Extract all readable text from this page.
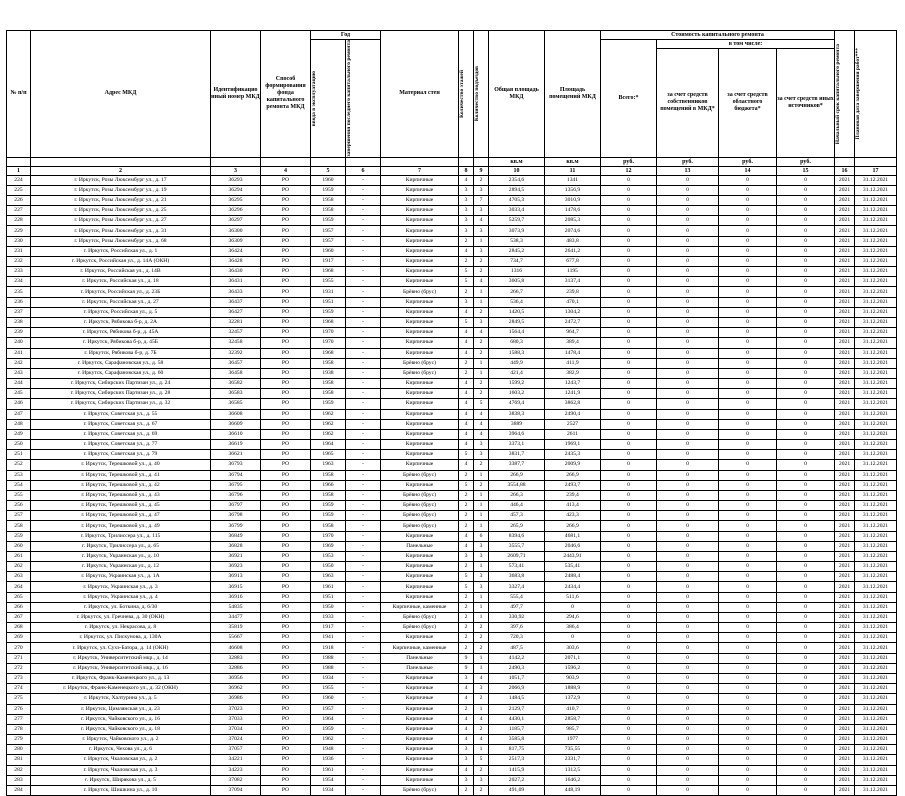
№ п/п	Адрес МКД	Идентификацио нный номер МКД	Способ формирования фонда капитального ремонта МКД	Год		Материал стен	Количество этажей	Количество подъездов	Общая площадь МКД	Площадь помещений МКД	Стоимость капитального ремонта				Начальный срок капитального ремонта	Плановая дата завершения работ***

				ввода в эксплуатацию	завершения последнего капитального ремонта						Всего:*	в том числе:				
												за счет средств собственников помещений в МКД*	за счет средств областного бюджета*	за счет средств иных источников*		

									кв.м	кв.м	руб.	руб.	руб.	руб.		
1	2	3	4	5	6	7	8	9	10	11	12	13	14	15	16	17
224	г. Иркутск, Розы Люксембург ул., д. 17	36293	РО	1960	-	Кирпичные	4	2	2354,6	1341	0	0	0	0	2021	31.12.2021
225	г. Иркутск, Розы Люксембург ул., д. 19	36294	РО	1959	-	Кирпичные	3	3	2894,5	1356,9	0	0	0	0	2021	31.12.2021
226	г. Иркутск, Розы Люксембург ул., д. 21	36295	РО	1958	-	Кирпичные	3	7	4705,3	3010,9	0	0	0	0	2021	31.12.2021
227	г. Иркутск, Розы Люксембург ул., д. 25	36296	РО	1958	-	Кирпичные	3	3	3033,4	1478,6	0	0	0	0	2021	31.12.2021
228	г. Иркутск, Розы Люксембург ул., д. 27	36297	РО	1959	-	Кирпичные	3	4	5259,7	2085,3	0	0	0	0	2021	31.12.2021
229	г. Иркутск, Розы Люксембург ул., д. 31	36300	РО	1957	-	Кирпичные	3	3	3073,9	2074,6	0	0	0	0	2021	31.12.2021
230	г. Иркутск, Розы Люксембург ул., д. 68	36309	РО	1957	-	Кирпичные	2	1	538,3	483,8	0	0	0	0	2021	31.12.2021
231	г. Иркутск, Российская ул., д. 1	36424	РО	1960	-	Кирпичные	4	3	2845,2	2641,2	0	0	0	0	2021	31.12.2021
232	г. Иркутск, Российская ул., д. 14А (ОКН)	36428	РО	1917	-	Кирпичные	2	2	734,7	677,8	0	0	0	0	2021	31.12.2021
233	г. Иркутск, Российская ул., д. 14В	36430	РО	1968	-	Кирпичные	5	2	1316	1195	0	0	0	0	2021	31.12.2021
234	г. Иркутск, Российская ул., д. 18	36431	РО	1955	-	Кирпичные	5	4	3605,8	3137,4	0	0	0	0	2021	31.12.2021
235	г. Иркутск, Российская ул., д. 23Б	36433	РО	1931	-	Брёвно (брус)	2	1	266,7	239,8	0	0	0	0	2021	31.12.2021
236	г. Иркутск, Российская ул., д. 27	36437	РО	1951	-	Кирпичные	3	1	536,4	470,1	0	0	0	0	2021	31.12.2021
237	г. Иркутск, Российская ул., д. 5	36427	РО	1959	-	Кирпичные	4	2	1420,5	1304,2	0	0	0	0	2021	31.12.2021
238	г. Иркутск, Рябикова б-р, д. 2А	32281	РО	1968	-	Кирпичные	5	3	2849,5	2472,7	0	0	0	0	2021	31.12.2021
239	г. Иркутск, Рябикова б-р, д. 45А	32457	РО	1970	-	Кирпичные	4	4	1564,4	964,7	0	0	0	0	2021	31.12.2021
240	г. Иркутск, Рябикова б-р, д. 45Б	32458	РО	1970	-	Кирпичные	4	2	680,3	389,4	0	0	0	0	2021	31.12.2021
241	г. Иркутск, Рябикова б-р, д. 7Б	32392	РО	1968	-	Кирпичные	4	2	1588,3	1478,4	0	0	0	0	2021	31.12.2021
242	г. Иркутск, Сарафановская ул., д. 58	36457	РО	1958	-	Брёвно (брус)	2	1	449,9	411,9	0	0	0	0	2021	31.12.2021
243	г. Иркутск, Сарафановская ул., д. 60	36458	РО	1938	-	Брёвно (брус)	2	1	421,4	382,9	0	0	0	0	2021	31.12.2021
244	г. Иркутск, Сибирских Партизан ул., д. 24	36582	РО	1958	-	Кирпичные	4	2	1599,2	1243,7	0	0	0	0	2021	31.12.2021
245	г. Иркутск, Сибирских Партизан ул., д. 28	36583	РО	1958	-	Кирпичные	4	2	1603,2	1241,9	0	0	0	0	2021	31.12.2021
246	г. Иркутск, Сибирских Партизан ул., д. 32	36585	РО	1959	-	Кирпичные	4	5	4769,4	3862,8	0	0	0	0	2021	31.12.2021
247	г. Иркутск, Советская ул., д. 55	36608	РО	1962	-	Кирпичные	4	4	3838,3	2490,4	0	0	0	0	2021	31.12.2021
248	г. Иркутск, Советская ул., д. 67	36609	РО	1962	-	Кирпичные	4	4	3889	2527	0	0	0	0	2021	31.12.2021
249	г. Иркутск, Советская ул., д. 69	36610	РО	1962	-	Кирпичные	4	4	3964,6	2611	0	0	0	0	2021	31.12.2021
250	г. Иркутск, Советская ул., д. 77	36619	РО	1964	-	Кирпичные	4	3	3373,1	1969,1	0	0	0	0	2021	31.12.2021
251	г. Иркутск, Советская ул., д. 79	36621	РО	1965	-	Кирпичные	5	3	3831,7	2435,3	0	0	0	0	2021	31.12.2021
252	г. Иркутск, Терешковой ул., д. 40	36793	РО	1963	-	Кирпичные	4	2	3387,7	2009,9	0	0	0	0	2021	31.12.2021
253	г. Иркутск, Терешковой ул., д. 41	36794	РО	1958	-	Брёвно (брус)	2	1	266,9	266,9	0	0	0	0	2021	31.12.2021
254	г. Иркутск, Терешковой ул., д. 42	36795	РО	1966	-	Кирпичные	5	2	3554,88	2493,7	0	0	0	0	2021	31.12.2021
255	г. Иркутск, Терешковой ул., д. 43	36796	РО	1958	-	Брёвно (брус)	2	1	266,3	239,4	0	0	0	0	2021	31.12.2021
256	г. Иркутск, Терешковой ул., д. 45	36797	РО	1959	-	Брёвно (брус)	2	1	446,4	413,4	0	0	0	0	2021	31.12.2021
257	г. Иркутск, Терешковой ул., д. 47	36798	РО	1959	-	Брёвно (брус)	2	1	457,3	423,3	0	0	0	0	2021	31.12.2021
258	г. Иркутск, Терешковой ул., д. 49	36799	РО	1958	-	Брёвно (брус)	2	1	265,9	266,9	0	0	0	0	2021	31.12.2021
259	г. Иркутск, Трилиссера ул., д. 115	36849	РО	1970	-	Кирпичные	4	6	8394,6	4681,1	0	0	0	0	2021	31.12.2021
260	г. Иркутск, Трилиссера ул., д. 65	36828	РО	1969	-	Панельные	4	3	3555,7	2046,6	0	0	0	0	2021	31.12.2021
261	г. Иркутск, Украинская ул., д. 10	36921	РО	1953	-	Кирпичные	3	3	2609,71	2443,91	0	0	0	0	2021	31.12.2021
262	г. Иркутск, Украинская ул., д. 12	36923	РО	1950	-	Кирпичные	2	1	573,41	535,41	0	0	0	0	2021	31.12.2021
263	г. Иркутск, Украинская ул., д. 1А	36913	РО	1963	-	Кирпичные	5	3	3683,8	2488,4	0	0	0	0	2021	31.12.2021
264	г. Иркутск, Украинская ул., д. 3	36915	РО	1961	-	Кирпичные	5	3	3327,4	2434,4	0	0	0	0	2021	31.12.2021
265	г. Иркутск, Украинская ул., д. 4	36916	РО	1951	-	Кирпичные	2	1	555,4	511,6	0	0	0	0	2021	31.12.2021
266	г. Иркутск, ул. Боткина, д. 6/30	54835	РО	1950	-	Кирпичные, каменные	2	1	497,7	0	0	0	0	0	2021	31.12.2021
267	г. Иркутск, ул. Гречнева, д. 30 (ОКН)	34477	РО	1933	-	Брёвно (брус)	2	1	330,92	294,6	0	0	0	0	2021	31.12.2021
268	г. Иркутск, ул. Некрасова, д. 8	35819	РО	1917	-	Брёвно (брус)	2	2	397,6	386,4	0	0	0	0	2021	31.12.2021
269	г. Иркутск, ул. Пискунова, д. 130А	55667	РО	1941	-	Кирпичные	2	2	720,3	0	0	0	0	0	2021	31.12.2021
270	г. Иркутск, ул. Сухэ-Батора, д. 14 (ОКН)	46608	РО	1918	-	Кирпичные, каменные	2	2	487,5	303,6	0	0	0	0	2021	31.12.2021
271	г. Иркутск, Университетский мкр., д. 14	32883	РО	1988	-	Панельные	9	1	4142,2	2071,1	0	0	0	0	2021	31.12.2021
272	г. Иркутск, Университетский мкр., д. 16	32886	РО	1988	-	Панельные	9	1	2490,3	1596,2	0	0	0	0	2021	31.12.2021
273	г. Иркутск, Франк-Каменецкого ул., д. 13	36956	РО	1934	-	Кирпичные	3	4	1051,7	903,9	0	0	0	0	2021	31.12.2021
274	г. Иркутск, Франк-Каменецкого ул., д. 32 (ОКН)	36962	РО	1955	-	Кирпичные	4	3	2066,9	1888,9	0	0	0	0	2021	31.12.2021
275	г. Иркутск, Халтурина ул., д. 5	36986	РО	1960	-	Кирпичные	4	2	1484,5	1372,9	0	0	0	0	2021	31.12.2021
276	г. Иркутск, Цимлянская ул., д. 23	37023	РО	1957	-	Кирпичные	2	1	2129,7	410,7	0	0	0	0	2021	31.12.2021
277	г. Иркутск, Чайковского ул., д. 16	37033	РО	1964	-	Кирпичные	4	4	4430,1	2858,7	0	0	0	0	2021	31.12.2021
278	г. Иркутск, Чайковского ул., д. 18	37034	РО	1959	-	Кирпичные	4	2	1185,7	985,7	0	0	0	0	2021	31.12.2021
279	г. Иркутск, Чайковского ул., д. 2	37024	РО	1962	-	Кирпичные	4	4	3585,8	1977	0	0	0	0	2021	31.12.2021
280	г. Иркутск, Чехова ул., д. 6	37057	РО	1948	-	Кирпичные	3	1	817,75	735,55	0	0	0	0	2021	31.12.2021
281	г. Иркутск, Чкаловская ул., д. 2	34221	РО	1936	-	Кирпичные	3	5	2517,3	2331,7	0	0	0	0	2021	31.12.2021
282	г. Иркутск, Чкаловская ул., д. 3	34223	РО	1961	-	Кирпичные	4	2	1415,9	1312,5	0	0	0	0	2021	31.12.2021
283	г. Иркутск, Ширякова ул., д. 5	37082	РО	1954	-	Кирпичные	3	3	2027,2	1646,2	0	0	0	0	2021	31.12.2021
284	г. Иркутск, Шишкина ул., д. 10	37094	РО	1934	-	Брёвно (брус)	2	2	491,09	448,19	0	0	0	0	2021	31.12.2021
